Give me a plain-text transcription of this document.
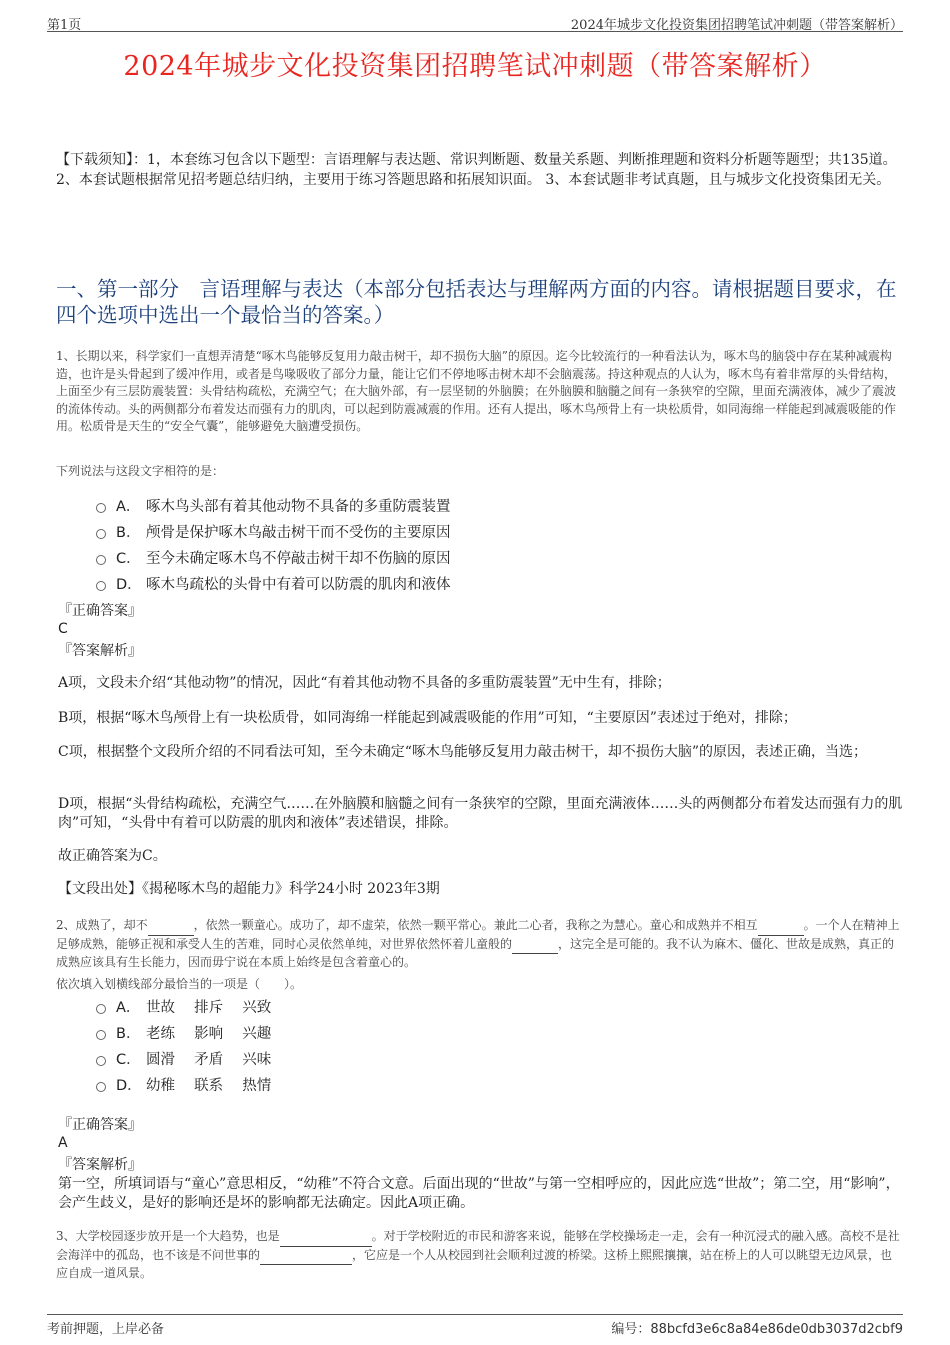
第1页	2024年城步文化投资集团招聘笔试冲刺题（带答案解析）
2024年城步文化投资集团招聘笔试冲刺题（带答案解析）
【下载须知】：1，本套练习包含以下题型：言语理解与表达题、常识判断题、数量关系题、判断推理题和资料分析题等题型；共135道。 2、本套试题根据常见招考题总结归纳，主要用于练习答题思路和拓展知识面。 3、本套试题非考试真题，且与城步文化投资集团无关。
一、第一部分　言语理解与表达（本部分包括表达与理解两方面的内容。请根据题目要求，在四个选项中选出一个最恰当的答案。）
1、长期以来，科学家们一直想弄清楚“啄木鸟能够反复用力敲击树干，却不损伤大脑”的原因。迄今比较流行的一种看法认为，啄木鸟的脑袋中存在某种减震构造，也许是头骨起到了缓冲作用，或者是鸟喙吸收了部分力量，能让它们不停地啄击树木却不会脑震荡。持这种观点的人认为，啄木鸟有着非常厚的头骨结构，上面至少有三层防震装置：头骨结构疏松，充满空气；在大脑外部，有一层坚韧的外脑膜；在外脑膜和脑髓之间有一条狭窄的空隙，里面充满液体，减少了震波的流体传动。头的两侧都分布着发达而强有力的肌肉，可以起到防震减震的作用。还有人提出，啄木鸟颅骨上有一块松质骨，如同海绵一样能起到减震吸能的作用。松质骨是天生的“安全气囊”，能够避免大脑遭受损伤。
下列说法与这段文字相符的是：
A． 啄木鸟头部有着其他动物不具备的多重防震装置
B． 颅骨是保护啄木鸟敲击树干而不受伤的主要原因
C． 至今未确定啄木鸟不停敲击树干却不伤脑的原因
D． 啄木鸟疏松的头骨中有着可以防震的肌肉和液体
『正确答案』
C
『答案解析』
A项，文段未介绍“其他动物”的情况，因此“有着其他动物不具备的多重防震装置”无中生有，排除；
B项，根据“啄木鸟颅骨上有一块松质骨，如同海绵一样能起到减震吸能的作用”可知，“主要原因”表述过于绝对，排除；
C项，根据整个文段所介绍的不同看法可知，至今未确定“啄木鸟能够反复用力敲击树干，却不损伤大脑”的原因，表述正确，当选；
D项，根据“头骨结构疏松，充满空气……在外脑膜和脑髓之间有一条狭窄的空隙，里面充满液体……头的两侧都分布着发达而强有力的肌肉”可知，“头骨中有着可以防震的肌肉和液体”表述错误，排除。
故正确答案为C。
【文段出处】《揭秘啄木鸟的超能力》科学24小时 2023年3期
2、成熟了，却不	，依然一颗童心。成功了，却不虚荣，依然一颗平常心。兼此二心者，我称之为慧心。童心和成熟并不相互	。一个人在精神上足够成熟，能够正视和承受人生的苦难，同时心灵依然单纯，对世界依然怀着儿童般的	，这完全是可能的。我不认为麻木、僵化、世故是成熟，真正的成熟应该具有生长能力，因而毋宁说在本质上始终是包含着童心的。
依次填入划横线部分最恰当的一项是（　　）。
A． 世故　 排斥　 兴致
B． 老练　 影响　 兴趣
C． 圆滑　 矛盾　 兴味
D． 幼稚　 联系　 热情
『正确答案』
A
『答案解析』
第一空，所填词语与“童心”意思相反，“幼稚”不符合文意。后面出现的“世故”与第一空相呼应的，因此应选“世故”；第二空，用“影响”，会产生歧义，是好的影响还是坏的影响都无法确定。因此A项正确。
3、大学校园逐步放开是一个大趋势，也是	。对于学校附近的市民和游客来说，能够在学校操场走一走，会有一种沉浸式的融入感。高校不是社会海洋中的孤岛，也不该是不问世事的	，它应是一个人从校园到社会顺利过渡的桥梁。这桥上熙熙攘攘，站在桥上的人可以眺望无边风景，也应自成一道风景。
考前押题，上岸必备	编号：88bcfd3e6c8a84e86de0db3037d2cbf9
